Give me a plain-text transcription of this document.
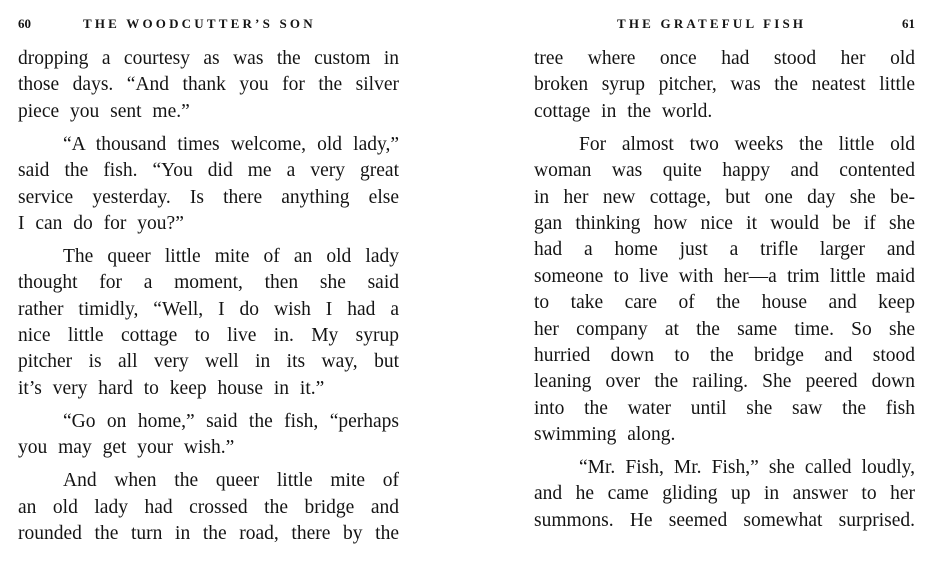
60	THE WOODCUTTER’S SON
dropping a courtesy as was the custom in
those days. “And thank you for the silver
piece you sent me.”
“A thousand times welcome, old lady,”
said the fish. “You did me a very great
service yesterday. Is there anything else
I can do for you?”
The queer little mite of an old lady
thought for a moment, then she said
rather timidly, “Well, I do wish I had a
nice little cottage to live in. My syrup
pitcher is all very well in its way, but
it’s very hard to keep house in it.”
“Go on home,” said the fish, “perhaps
you may get your wish.”
And when the queer little mite of
an old lady had crossed the bridge and
rounded the turn in the road, there by the
THE GRATEFUL FISH	61
tree where once had stood her old
broken syrup pitcher, was the neatest little
cottage in the world.
For almost two weeks the little old
woman was quite happy and contented
in her new cottage, but one day she be-
gan thinking how nice it would be if she
had a home just a trifle larger and
someone to live with her—a trim little maid
to take care of the house and keep
her company at the same time. So she
hurried down to the bridge and stood
leaning over the railing. She peered down
into the water until she saw the fish
swimming along.
“Mr. Fish, Mr. Fish,” she called loudly,
and he came gliding up in answer to her
summons. He seemed somewhat surprised.
